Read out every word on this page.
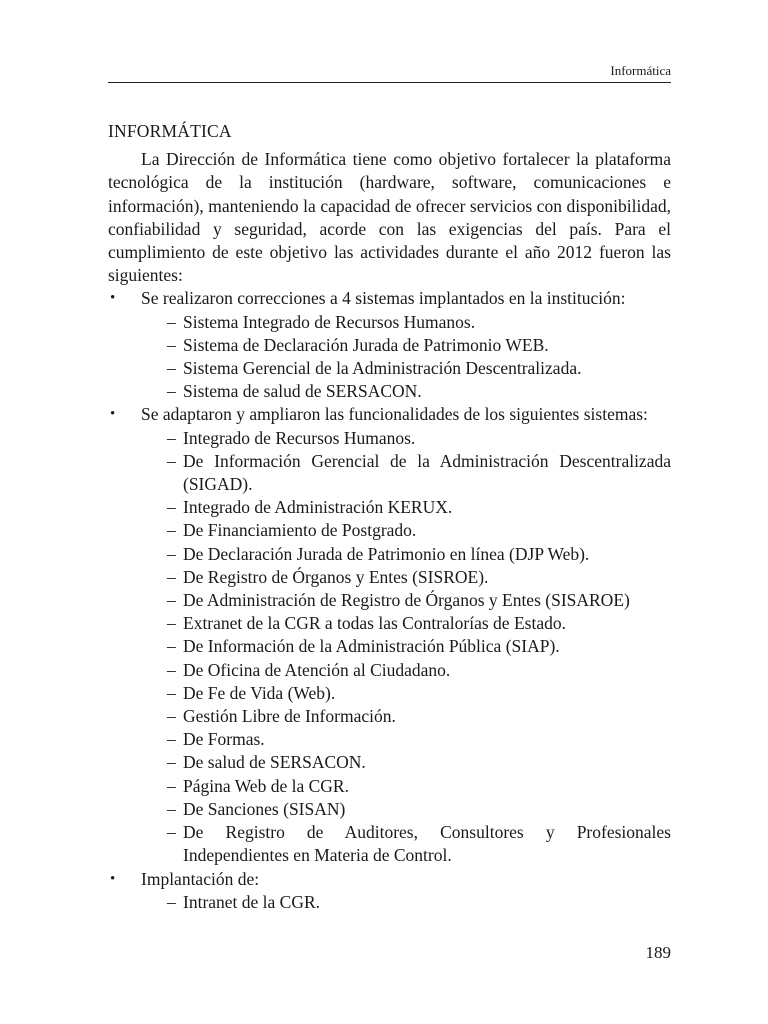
Informática
INFORMÁTICA

La Dirección de Informática tiene como objetivo fortalecer la plataforma tecnológica de la institución (hardware, software, comunicaciones e información), manteniendo la capacidad de ofrecer servicios con disponibilidad, confiabilidad y seguridad, acorde con las exigencias del país. Para el cumplimiento de este objetivo las actividades durante el año 2012 fueron las siguientes:

• Se realizaron correcciones a 4 sistemas implantados en la institución:
– Sistema Integrado de Recursos Humanos.
– Sistema de Declaración Jurada de Patrimonio WEB.
– Sistema Gerencial de la Administración Descentralizada.
– Sistema de salud de SERSACON.
• Se adaptaron y ampliaron las funcionalidades de los siguientes sistemas:
– Integrado de Recursos Humanos.
– De Información Gerencial de la Administración Descentralizada (SIGAD).
– Integrado de Administración KERUX.
– De Financiamiento de Postgrado.
– De Declaración Jurada de Patrimonio en línea (DJP Web).
– De Registro de Órganos y Entes (SISROE).
– De Administración de Registro de Órganos y Entes (SISAROE)
– Extranet de la CGR a todas las Contralorías de Estado.
– De Información de la Administración Pública (SIAP).
– De Oficina de Atención al Ciudadano.
– De Fe de Vida (Web).
– Gestión Libre de Información.
– De Formas.
– De salud de SERSACON.
– Página Web de la CGR.
– De Sanciones (SISAN)
– De Registro de Auditores, Consultores y Profesionales Independientes en Materia de Control.
• Implantación de:
– Intranet de la CGR.
189
